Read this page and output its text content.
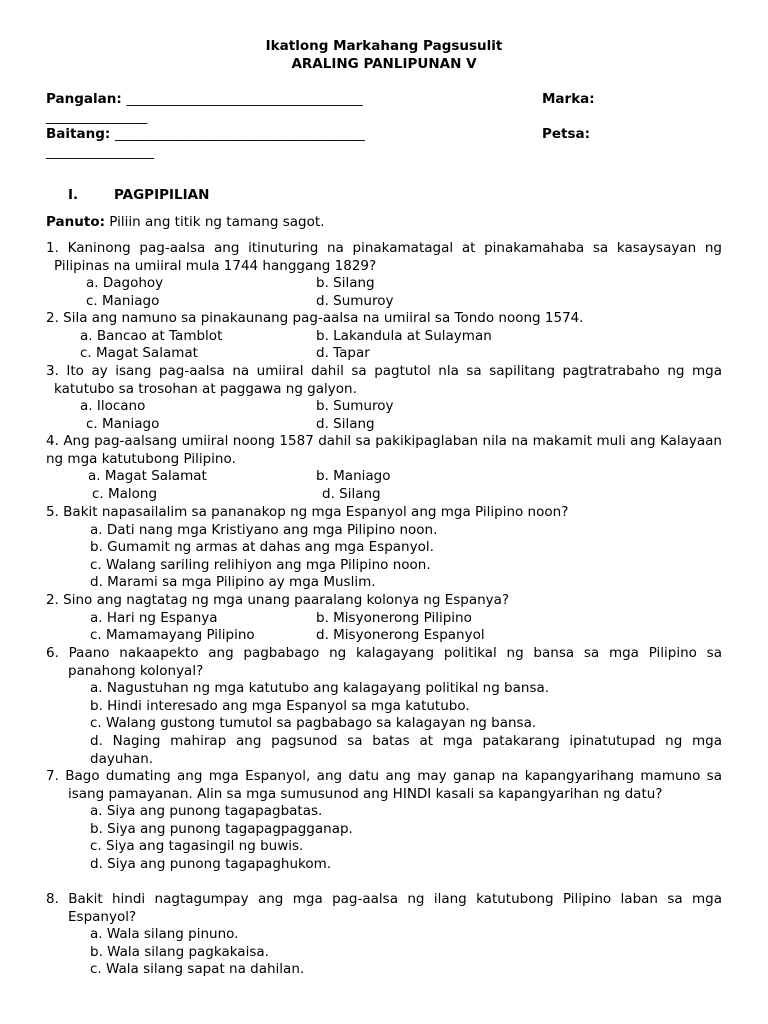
Ikatlong Markahang Pagsusulit
ARALING PANLIPUNAN V
Pangalan: ___________________________________	Marka:
_______________
Baitang: _____________________________________	Petsa:
________________
I.	PAGPIPILIAN
Panuto: Piliin ang titik ng tamang sagot.
1. Kaninong pag-aalsa ang itinuturing na pinakamatagal at pinakamahaba sa kasaysayan ng Pilipinas na umiiral mula 1744 hanggang 1829?
a. Dagohoy	b. Silang
c. Maniago	d. Sumuroy
2. Sila ang namuno sa pinakaunang pag-aalsa na umiiral sa Tondo noong 1574.
a. Bancao at Tamblot	b. Lakandula at Sulayman
c. Magat Salamat	d. Tapar
3. Ito ay isang pag-aalsa na umiiral dahil sa pagtutol nla sa sapilitang pagtratrabaho ng mga katutubo sa trosohan at paggawa ng galyon.
a. Ilocano	b. Sumuroy
c. Maniago	d. Silang
4. Ang pag-aalsang umiiral noong 1587 dahil sa pakikipaglaban nila na makamit muli ang Kalayaan ng mga katutubong Pilipino.
a. Magat Salamat	b. Maniago
c. Malong	d. Silang
5. Bakit napasailalim sa pananakop ng mga Espanyol ang mga Pilipino noon?
a. Dati nang mga Kristiyano ang mga Pilipino noon.
b. Gumamit ng armas at dahas ang mga Espanyol.
c. Walang sariling relihiyon ang mga Pilipino noon.
d. Marami sa mga Pilipino ay mga Muslim.
2. Sino ang nagtatag ng mga unang paaralang kolonya ng Espanya?
a. Hari ng Espanya	b. Misyonerong Pilipino
c. Mamamayang Pilipino	d. Misyonerong Espanyol
6. Paano nakaapekto ang pagbabago ng kalagayang politikal ng bansa sa mga Pilipino sa panahong kolonyal?
a. Nagustuhan ng mga katutubo ang kalagayang politikal ng bansa.
b. Hindi interesado ang mga Espanyol sa mga katutubo.
c. Walang gustong tumutol sa pagbabago sa kalagayan ng bansa.
d. Naging mahirap ang pagsunod sa batas at mga patakarang ipinatutupad ng mga dayuhan.
7. Bago dumating ang mga Espanyol, ang datu ang may ganap na kapangyarihang mamuno sa isang pamayanan. Alin sa mga sumusunod ang HINDI kasali sa kapangyarihan ng datu?
a. Siya ang punong tagapagbatas.
b. Siya ang punong tagapagpagganap.
c. Siya ang tagasingil ng buwis.
d. Siya ang punong tagapaghukom.
8. Bakit hindi nagtagumpay ang mga pag-aalsa ng ilang katutubong Pilipino laban sa mga Espanyol?
a. Wala silang pinuno.
b. Wala silang pagkakaisa.
c. Wala silang sapat na dahilan.
